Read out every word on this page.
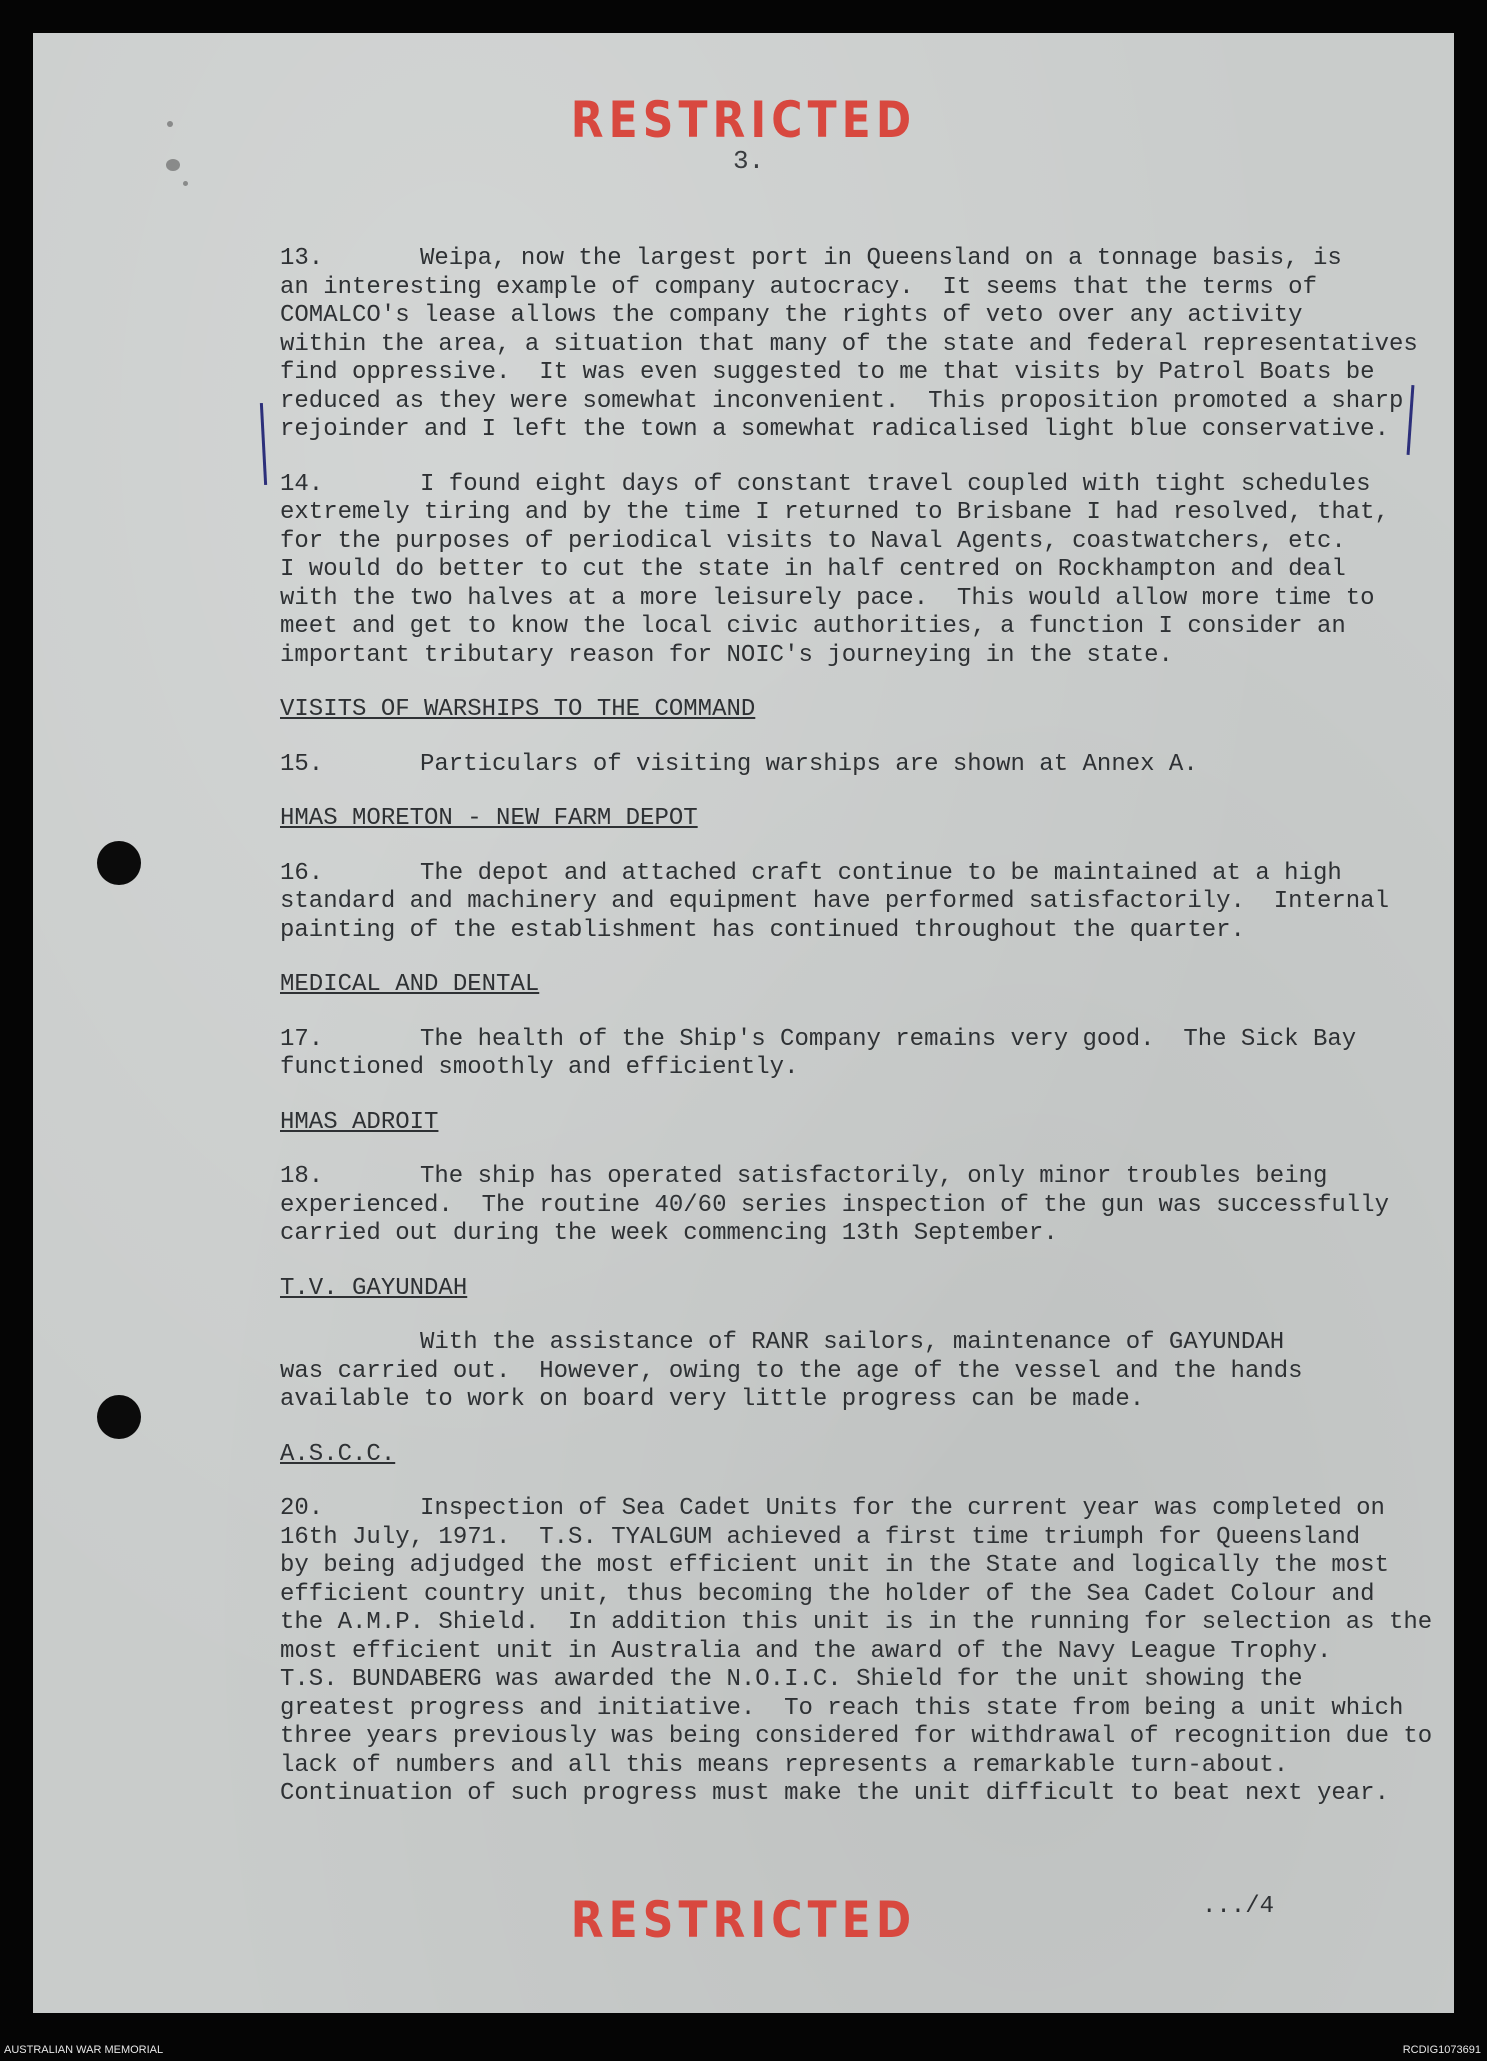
RESTRICTED
3.
13.	Weipa, now the largest port in Queensland on a tonnage basis, is
an interesting example of company autocracy.  It seems that the terms of
COMALCO's lease allows the company the rights of veto over any activity
within the area, a situation that many of the state and federal representatives
find oppressive.  It was even suggested to me that visits by Patrol Boats be
reduced as they were somewhat inconvenient.  This proposition promoted a sharp
rejoinder and I left the town a somewhat radicalised light blue conservative.
14.	I found eight days of constant travel coupled with tight schedules
extremely tiring and by the time I returned to Brisbane I had resolved, that,
for the purposes of periodical visits to Naval Agents, coastwatchers, etc.
I would do better to cut the state in half centred on Rockhampton and deal
with the two halves at a more leisurely pace.  This would allow more time to
meet and get to know the local civic authorities, a function I consider an
important tributary reason for NOIC's journeying in the state.
VISITS OF WARSHIPS TO THE COMMAND
15.	Particulars of visiting warships are shown at Annex A.
HMAS MORETON - NEW FARM DEPOT
16.	The depot and attached craft continue to be maintained at a high
standard and machinery and equipment have performed satisfactorily.  Internal
painting of the establishment has continued throughout the quarter.
MEDICAL AND DENTAL
17.	The health of the Ship's Company remains very good.  The Sick Bay
functioned smoothly and efficiently.
HMAS ADROIT
18.	The ship has operated satisfactorily, only minor troubles being
experienced.  The routine 40/60 series inspection of the gun was successfully
carried out during the week commencing 13th September.
T.V. GAYUNDAH
With the assistance of RANR sailors, maintenance of GAYUNDAH
was carried out.  However, owing to the age of the vessel and the hands
available to work on board very little progress can be made.
A.S.C.C.
20.	Inspection of Sea Cadet Units for the current year was completed on
16th July, 1971.  T.S. TYALGUM achieved a first time triumph for Queensland
by being adjudged the most efficient unit in the State and logically the most
efficient country unit, thus becoming the holder of the Sea Cadet Colour and
the A.M.P. Shield.  In addition this unit is in the running for selection as the
most efficient unit in Australia and the award of the Navy League Trophy.
T.S. BUNDABERG was awarded the N.O.I.C. Shield for the unit showing the
greatest progress and initiative.  To reach this state from being a unit which
three years previously was being considered for withdrawal of recognition due to
lack of numbers and all this means represents a remarkable turn-about.
Continuation of such progress must make the unit difficult to beat next year.
.../4
RESTRICTED
AUSTRALIAN WAR MEMORIAL	RCDIG1073691
